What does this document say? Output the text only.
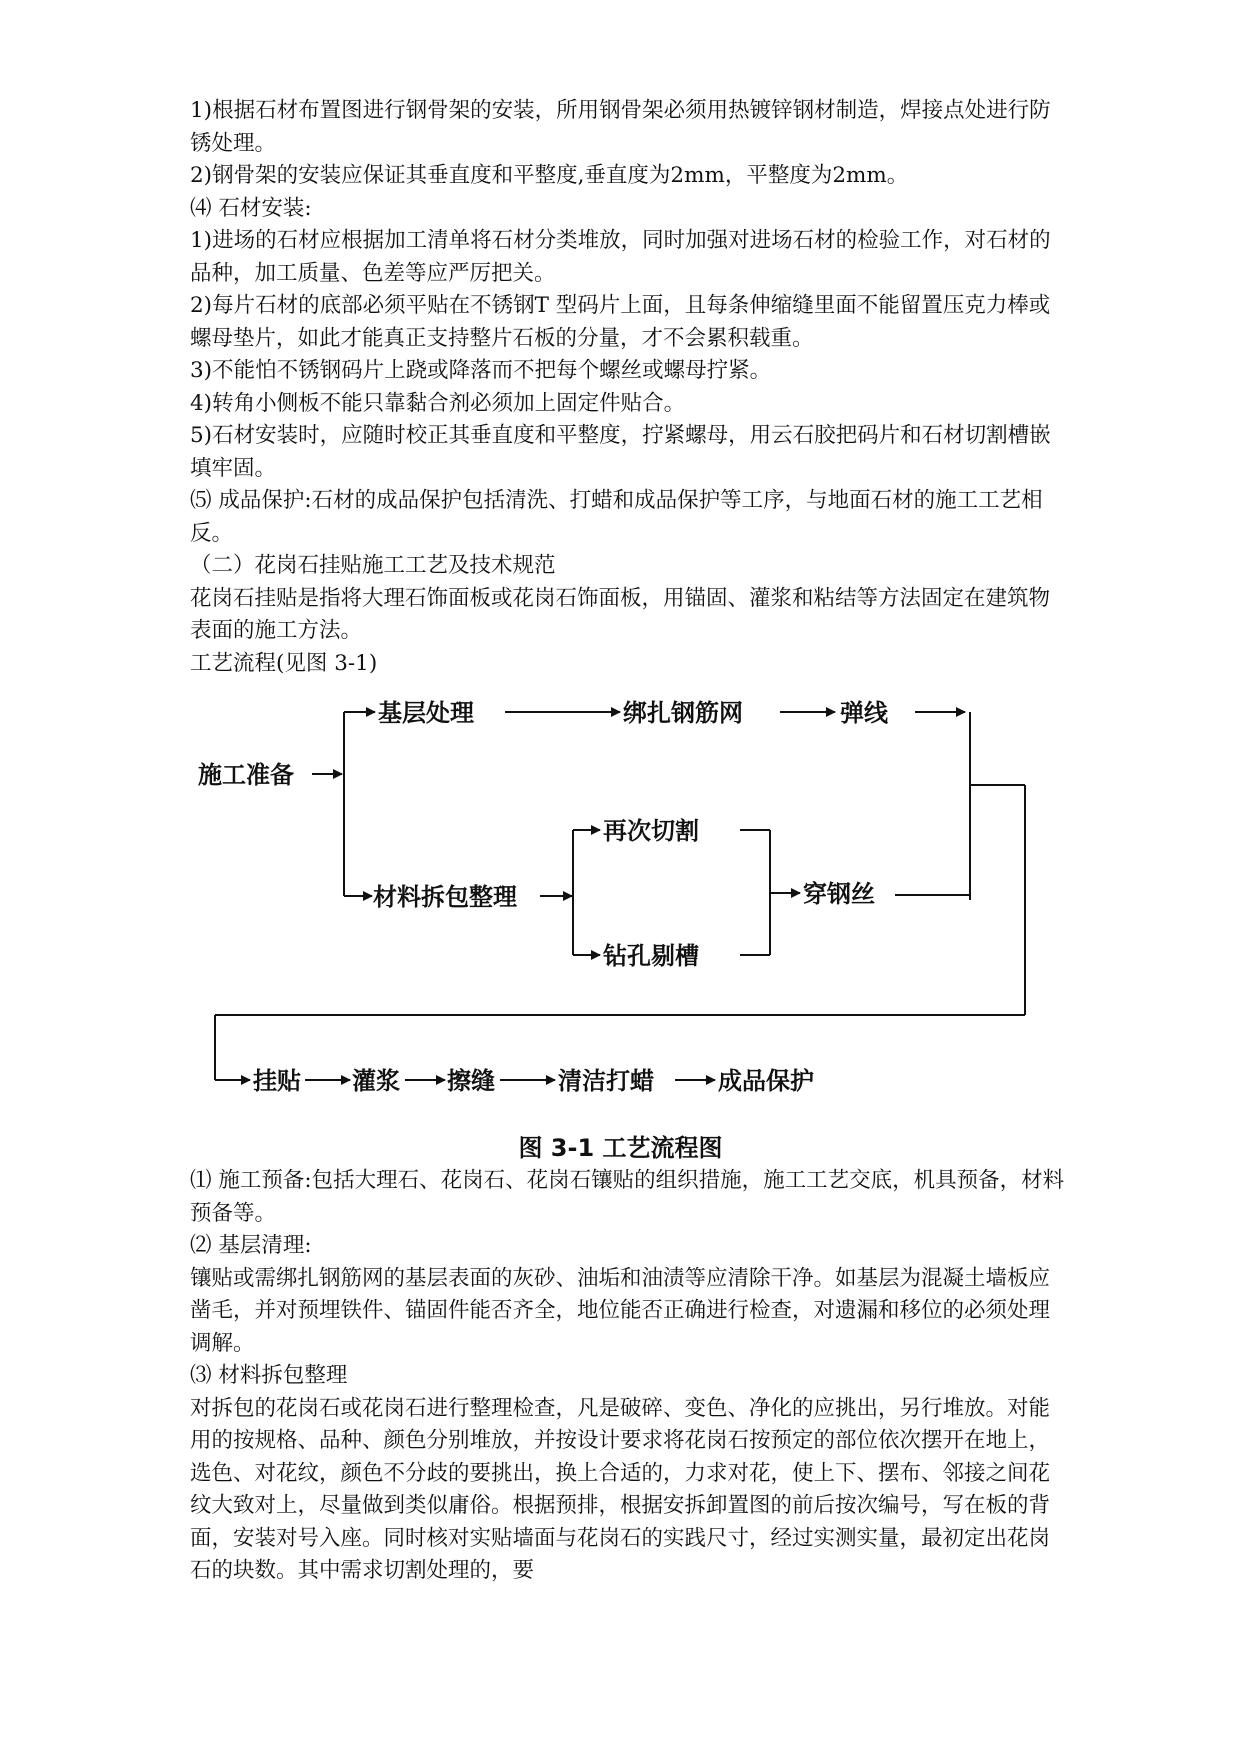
1)根据石材布置图进行钢骨架的安装，所用钢骨架必须用热镀锌钢材制造，焊接点处进行防锈处理。

2)钢骨架的安装应保证其垂直度和平整度,垂直度为2mm，平整度为2mm。

⑷ 石材安装:

1)进场的石材应根据加工清单将石材分类堆放，同时加强对进场石材的检验工作，对石材的品种，加工质量、色差等应严厉把关。

2)每片石材的底部必须平贴在不锈钢T 型码片上面，且每条伸缩缝里面不能留置压克力棒或螺母垫片，如此才能真正支持整片石板的分量，才不会累积载重。

3)不能怕不锈钢码片上跷或降落而不把每个螺丝或螺母拧紧。

4)转角小侧板不能只靠黏合剂必须加上固定件贴合。

5)石材安装时，应随时校正其垂直度和平整度，拧紧螺母，用云石胶把码片和石材切割槽嵌填牢固。

⑸ 成品保护:石材的成品保护包括清洗、打蜡和成品保护等工序，与地面石材的施工工艺相反。

（二）花岗石挂贴施工工艺及技术规范

花岗石挂贴是指将大理石饰面板或花岗石饰面板，用锚固、灌浆和粘结等方法固定在建筑物表面的施工方法。

工艺流程(见图 3-1)

施工准备
基层处理	绑扎钢筋网	弹线
材料拆包整理
再次切割
钻孔剔槽
穿钢丝
挂贴 灌浆 擦缝	清洁打蜡	成品保护
图 3-1 工艺流程图

⑴ 施工预备:包括大理石、花岗石、花岗石镶贴的组织措施，施工工艺交底，机具预备，材料预备等。

⑵ 基层清理:

镶贴或需绑扎钢筋网的基层表面的灰砂、油垢和油渍等应清除干净。如基层为混凝土墙板应凿毛，并对预埋铁件、锚固件能否齐全，地位能否正确进行检查，对遗漏和移位的必须处理调解。

⑶ 材料拆包整理

对拆包的花岗石或花岗石进行整理检查，凡是破碎、变色、净化的应挑出，另行堆放。对能用的按规格、品种、颜色分别堆放，并按设计要求将花岗石按预定的部位依次摆开在地上，选色、对花纹，颜色不分歧的要挑出，换上合适的，力求对花，使上下、摆布、邻接之间花纹大致对上，尽量做到类似庸俗。根据预排，根据安拆卸置图的前后按次编号，写在板的背面，安装对号入座。同时核对实贴墙面与花岗石的实践尺寸，经过实测实量，最初定出花岗石的块数。其中需求切割处理的，要
